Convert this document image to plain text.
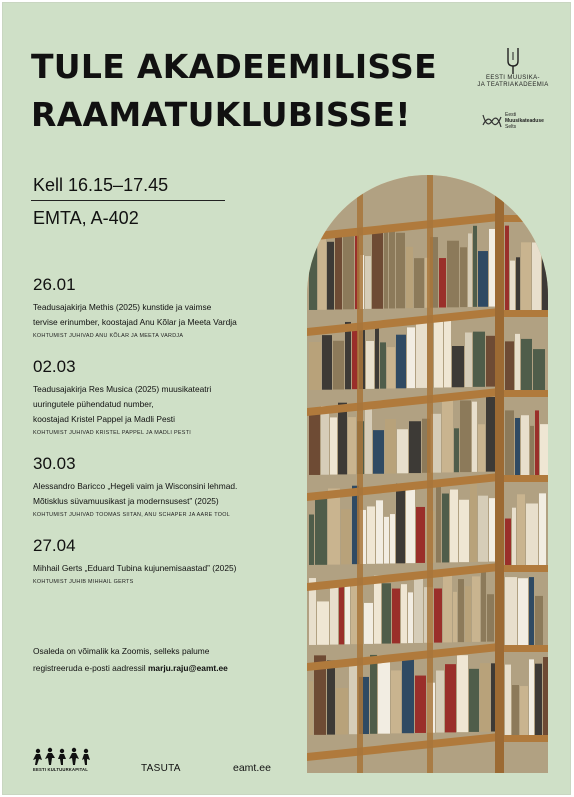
TULE AKADEEMILISSE
RAAMATUKLUBISSE!
EESTI MUUSIKA-
JA TEATRIAKADEEMIA
Eesti
Muusikateaduse
Selts
Kell 16.15–17.45
EMTA, A-402
26.01
Teadusajakirja Methis (2025) kunstide ja vaimse
tervise erinumber, koostajad Anu Kõlar ja Meeta Vardja
KOHTUMIST JUHIVAD ANU KÕLAR JA MEETA VARDJA
02.03
Teadusajakirja Res Musica (2025) muusikateatri
uuringutele pühendatud number,
koostajad Kristel Pappel ja Madli Pesti
KOHTUMIST JUHIVAD KRISTEL PAPPEL JA MADLI PESTI
30.03
Alessandro Baricco „Hegeli vaim ja Wisconsini lehmad.
Mõtisklus süvamuusikast ja modernsusest” (2025)
KOHTUMIST JUHIVAD TOOMAS SIITAN, ANU SCHAPER JA AARE TOOL
27.04
Mihhail Gerts „Eduard Tubina kujunemisaastad” (2025)
KOHTUMIST JUHIB MIHHAIL GERTS
Osaleda on võimalik ka Zoomis, selleks palume
registreeruda e-posti aadressil marju.raju@eamt.ee
EESTI KULTUURKAPITAL	TASUTA	eamt.ee
